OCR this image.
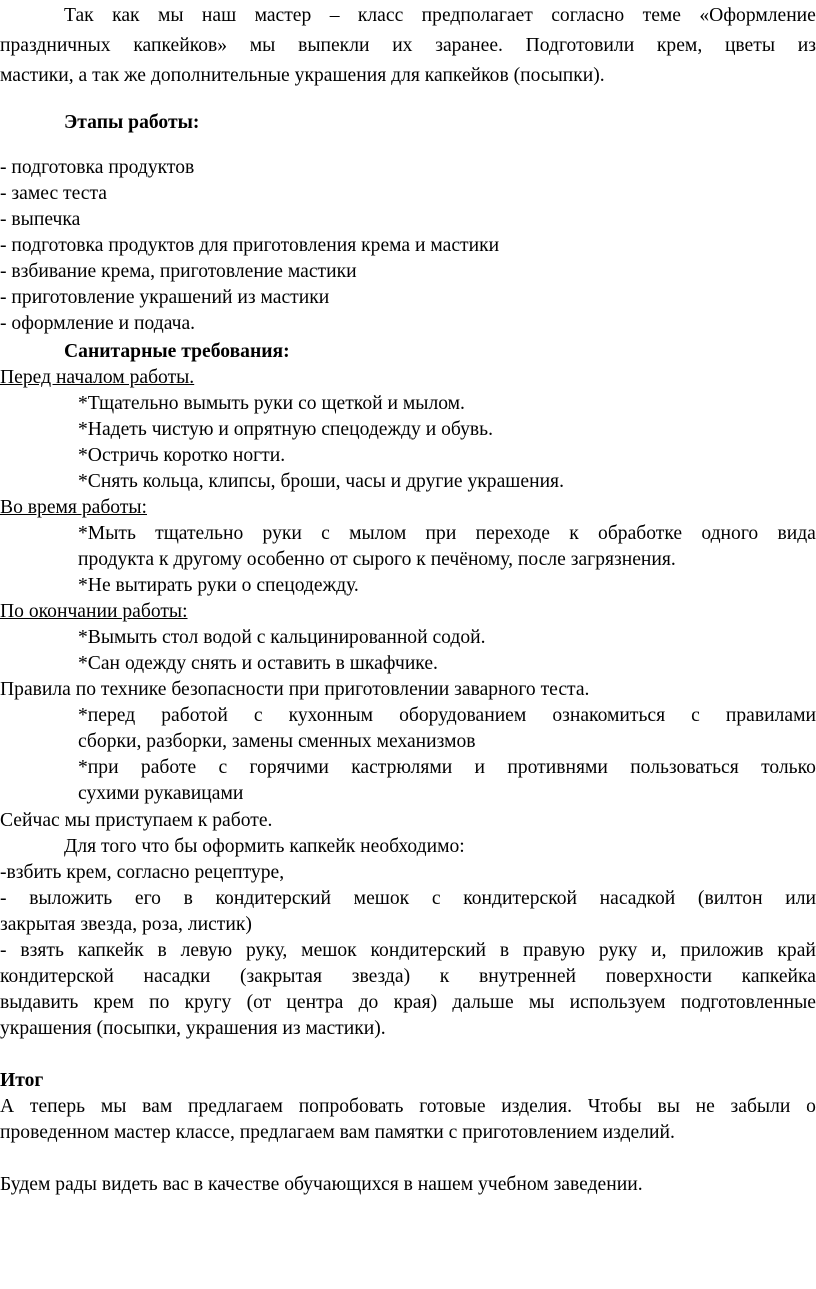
Так как мы наш мастер – класс предполагает согласно теме «Оформление
праздничных капкейков» мы выпекли их заранее. Подготовили крем, цветы из
мастики, а так же дополнительные украшения для капкейков (посыпки).
Этапы работы:
- подготовка продуктов
- замес теста
- выпечка
- подготовка продуктов для приготовления крема и мастики
- взбивание крема, приготовление мастики
- приготовление украшений из мастики
- оформление и подача.
Санитарные требования:
Перед началом работы.
*Тщательно вымыть руки со щеткой и мылом.
*Надеть чистую и опрятную спецодежду и обувь.
*Остричь коротко ногти.
*Снять кольца, клипсы, броши, часы и другие украшения.
Во время работы:
*Мыть тщательно руки с мылом при переходе к обработке одного вида
продукта к другому особенно от сырого к печёному, после загрязнения.
*Не вытирать руки о спецодежду.
По окончании работы:
*Вымыть стол водой с кальцинированной содой.
*Сан одежду снять и оставить в шкафчике.
Правила по технике безопасности при приготовлении заварного теста.
*перед работой с кухонным оборудованием ознакомиться с правилами
сборки, разборки, замены сменных механизмов
*при работе с горячими кастрюлями и противнями пользоваться только
сухими рукавицами
Сейчас мы приступаем к работе.
Для того что бы оформить капкейк необходимо:
-взбить крем, согласно рецептуре,
- выложить его в кондитерский мешок с кондитерской насадкой (вилтон или
закрытая звезда, роза, листик)
- взять капкейк в левую руку, мешок кондитерский в правую руку и, приложив край
кондитерской насадки (закрытая звезда) к внутренней поверхности капкейка
выдавить крем по кругу (от центра до края) дальше мы используем подготовленные
украшения (посыпки, украшения из мастики).
Итог
А теперь мы вам предлагаем попробовать готовые изделия. Чтобы вы не забыли о
проведенном мастер классе, предлагаем вам памятки с приготовлением изделий.
Будем рады видеть вас в качестве обучающихся в нашем учебном заведении.
